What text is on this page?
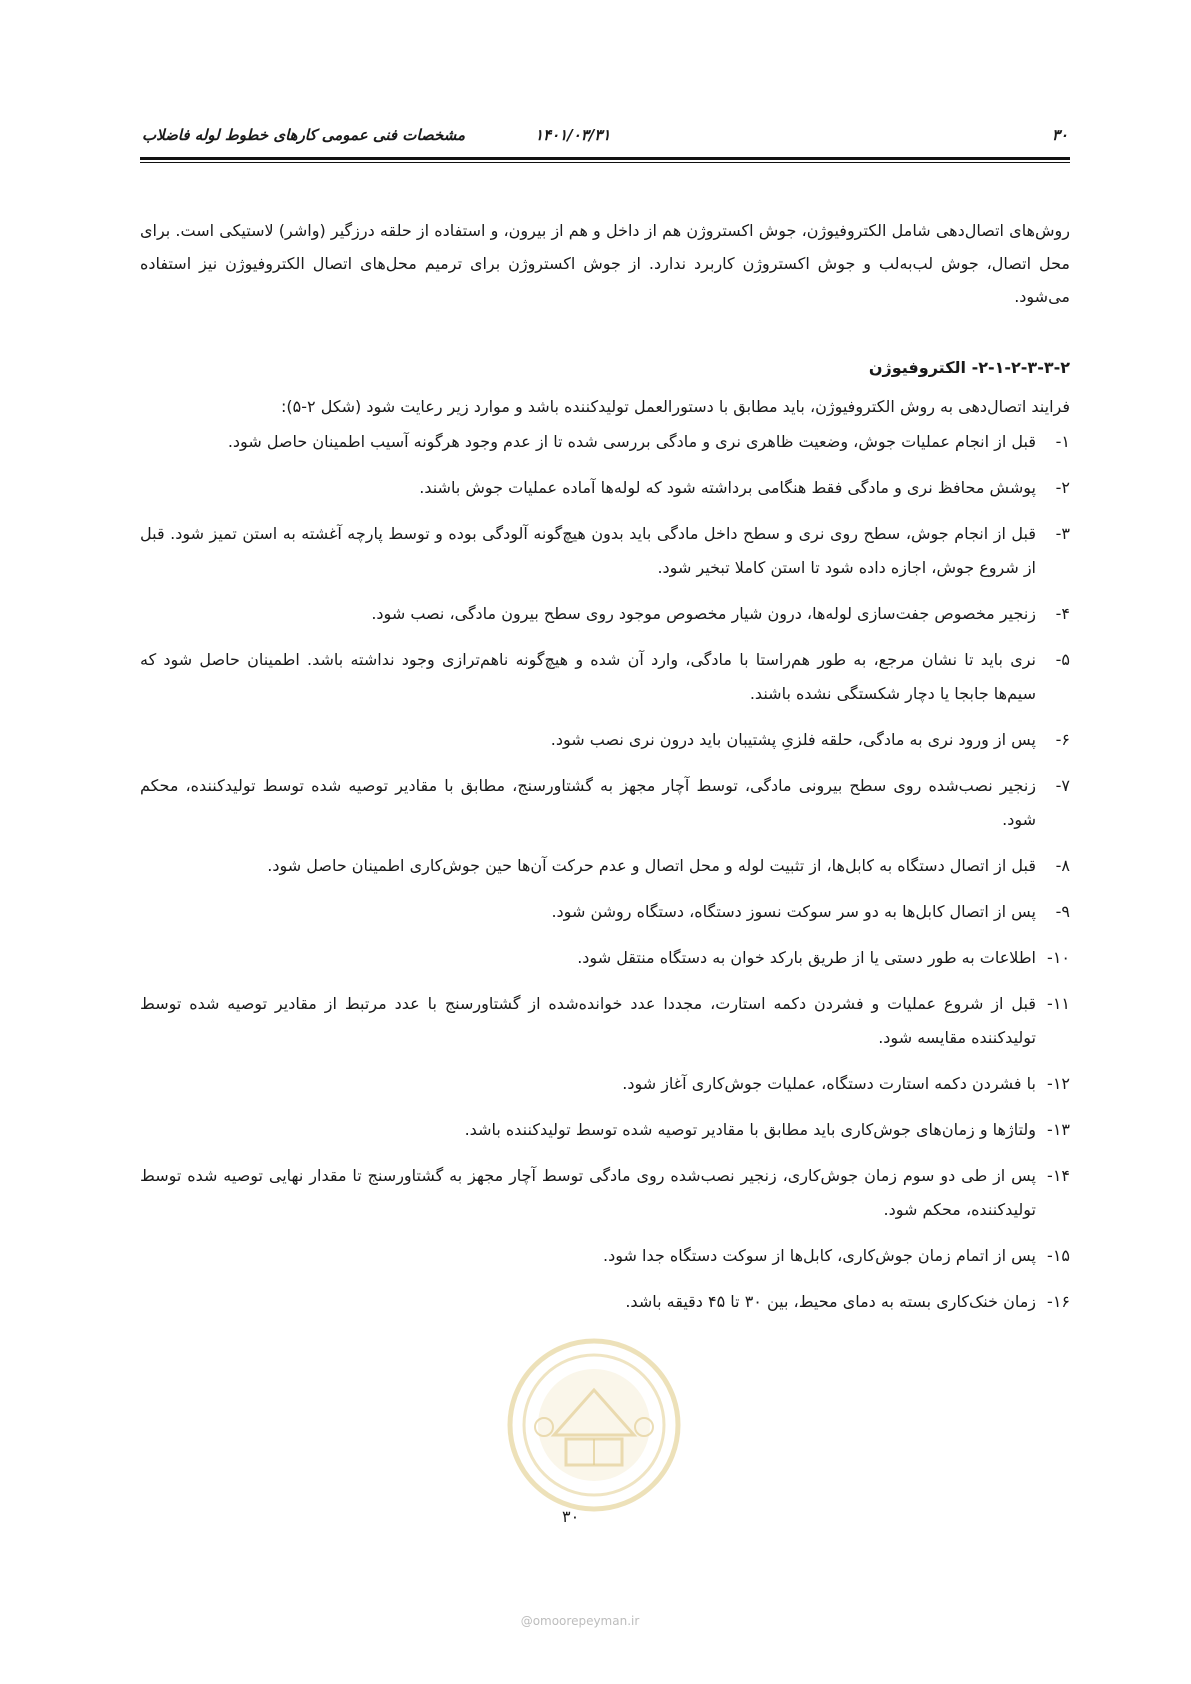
۳۰
۱۴۰۱/۰۳/۳۱
مشخصات فنی عمومی کارهای خطوط لوله فاضلاب

روش‌های اتصال‌دهی شامل الکتروفیوژن، جوش اکستروژن هم از داخل و هم از بیرون، و استفاده از حلقه درزگیر (واشر) لاستیکی است. برای محل اتصال، جوش لب‌به‌لب و جوش اکستروژن کاربرد ندارد. از جوش اکستروژن برای ترمیم محل‌های اتصال الکتروفیوژن نیز استفاده می‌شود.

۲-۱-۲-۳-۳-۲- الکتروفیوژن

فرایند اتصال‌دهی به روش الکتروفیوژن، باید مطابق با دستورالعمل تولیدکننده باشد و موارد زیر رعایت شود (شکل ۲-۵):

۱-
قبل از انجام عملیات جوش، وضعیت ظاهری نری و مادگی بررسی شده تا از عدم وجود هرگونه آسیب اطمینان حاصل شود.
۲-
پوشش محافظ نری و مادگی فقط هنگامی برداشته شود که لوله‌ها آماده عملیات جوش باشند.
۳-
قبل از انجام جوش، سطح روی نری و سطح داخل مادگی باید بدون هیچ‌گونه آلودگی بوده و توسط پارچه آغشته به استن تمیز شود. قبل از شروع جوش، اجازه داده شود تا استن کاملا تبخیر شود.
۴-
زنجیر مخصوص جفت‌سازی لوله‌ها، درون شیار مخصوص موجود روی سطح بیرون مادگی، نصب شود.
۵-
نری باید تا نشان مرجع، به طور هم‌راستا با مادگی، وارد آن شده و هیچ‌گونه ناهم‌ترازی وجود نداشته باشد. اطمینان حاصل شود که سیم‌ها جابجا یا دچار شکستگی نشده باشند.
۶-
پس از ورود نری به مادگی، حلقه فلزیِ پشتیبان باید درون نری نصب شود.
۷-
زنجیر نصب‌شده روی سطح بیرونی مادگی، توسط آچار مجهز به گشتاورسنج، مطابق با مقادیر توصیه شده توسط تولیدکننده، محکم شود.
۸-
قبل از اتصال دستگاه به کابل‌ها، از تثبیت لوله و محل اتصال و عدم حرکت آن‌ها حین جوش‌کاری اطمینان حاصل شود.
۹-
پس از اتصال کابل‌ها به دو سر سوکت نسوز دستگاه، دستگاه روشن شود.
۱۰-
اطلاعات به طور دستی یا از طریق بارکد خوان به دستگاه منتقل شود.
۱۱-
قبل از شروع عملیات و فشردن دکمه استارت، مجددا عدد خوانده‌شده از گشتاورسنج با عدد مرتبط از مقادیر توصیه شده توسط تولیدکننده مقایسه شود.
۱۲-
با فشردن دکمه استارت دستگاه، عملیات جوش‌کاری آغاز شود.
۱۳-
ولتاژها و زمان‌های جوش‌کاری باید مطابق با مقادیر توصیه شده توسط تولیدکننده باشد.
۱۴-
پس از طی دو سوم زمان جوش‌کاری، زنجیر نصب‌شده روی مادگی توسط آچار مجهز به گشتاورسنج تا مقدار نهایی توصیه شده توسط تولیدکننده، محکم شود.
۱۵-
پس از اتمام زمان جوش‌کاری، کابل‌ها از سوکت دستگاه جدا شود.
۱۶-
زمان خنک‌کاری بسته به دمای محیط، بین ۳۰ تا ۴۵ دقیقه باشد.
۳۰
@omoorepeyman.ir
